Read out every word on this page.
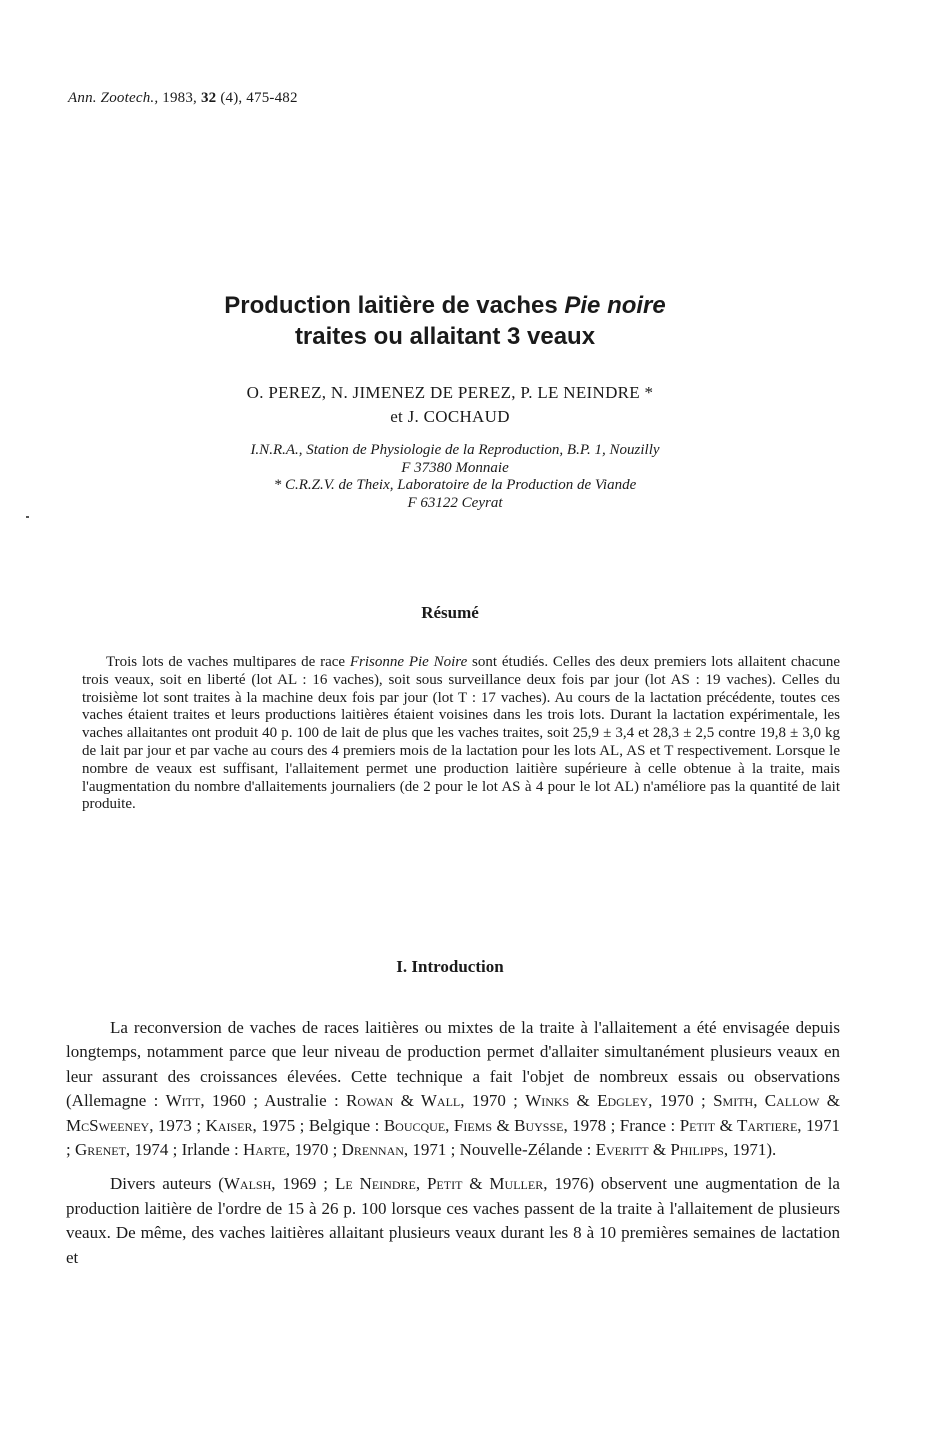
Ann. Zootech., 1983, 32 (4), 475-482
Production laitière de vaches Pie noire
traites ou allaitant 3 veaux
O. PEREZ, N. JIMENEZ DE PEREZ, P. LE NEINDRE *
et J. COCHAUD
I.N.R.A., Station de Physiologie de la Reproduction, B.P. 1, Nouzilly
F 37380 Monnaie
* C.R.Z.V. de Theix, Laboratoire de la Production de Viande
F 63122 Ceyrat
Résumé
Trois lots de vaches multipares de race Frisonne Pie Noire sont étudiés. Celles des deux premiers lots allaitent chacune trois veaux, soit en liberté (lot AL : 16 vaches), soit sous surveillance deux fois par jour (lot AS : 19 vaches). Celles du troisième lot sont traites à la machine deux fois par jour (lot T : 17 vaches). Au cours de la lactation précédente, toutes ces vaches étaient traites et leurs productions laitières étaient voisines dans les trois lots. Durant la lactation expérimentale, les vaches allaitantes ont produit 40 p. 100 de lait de plus que les vaches traites, soit 25,9 ± 3,4 et 28,3 ± 2,5 contre 19,8 ± 3,0 kg de lait par jour et par vache au cours des 4 premiers mois de la lactation pour les lots AL, AS et T respectivement. Lorsque le nombre de veaux est suffisant, l'allaitement permet une production laitière supérieure à celle obtenue à la traite, mais l'augmentation du nombre d'allaitements journaliers (de 2 pour le lot AS à 4 pour le lot AL) n'améliore pas la quantité de lait produite.
I. Introduction

La reconversion de vaches de races laitières ou mixtes de la traite à l'allaitement a été envisagée depuis longtemps, notamment parce que leur niveau de production permet d'allaiter simultanément plusieurs veaux en leur assurant des croissances élevées. Cette technique a fait l'objet de nombreux essais ou observations (Allemagne : Witt, 1960 ; Australie : Rowan & Wall, 1970 ; Winks & Edgley, 1970 ; Smith, Callow & McSweeney, 1973 ; Kaiser, 1975 ; Belgique : Boucque, Fiems & Buysse, 1978 ; France : Petit & Tartiere, 1971 ; Grenet, 1974 ; Irlande : Harte, 1970 ; Drennan, 1971 ; Nouvelle-Zélande : Everitt & Philipps, 1971).

Divers auteurs (Walsh, 1969 ; Le Neindre, Petit & Muller, 1976) observent une augmentation de la production laitière de l'ordre de 15 à 26 p. 100 lorsque ces vaches passent de la traite à l'allaitement de plusieurs veaux. De même, des vaches laitières allaitant plusieurs veaux durant les 8 à 10 premières semaines de lactation et
